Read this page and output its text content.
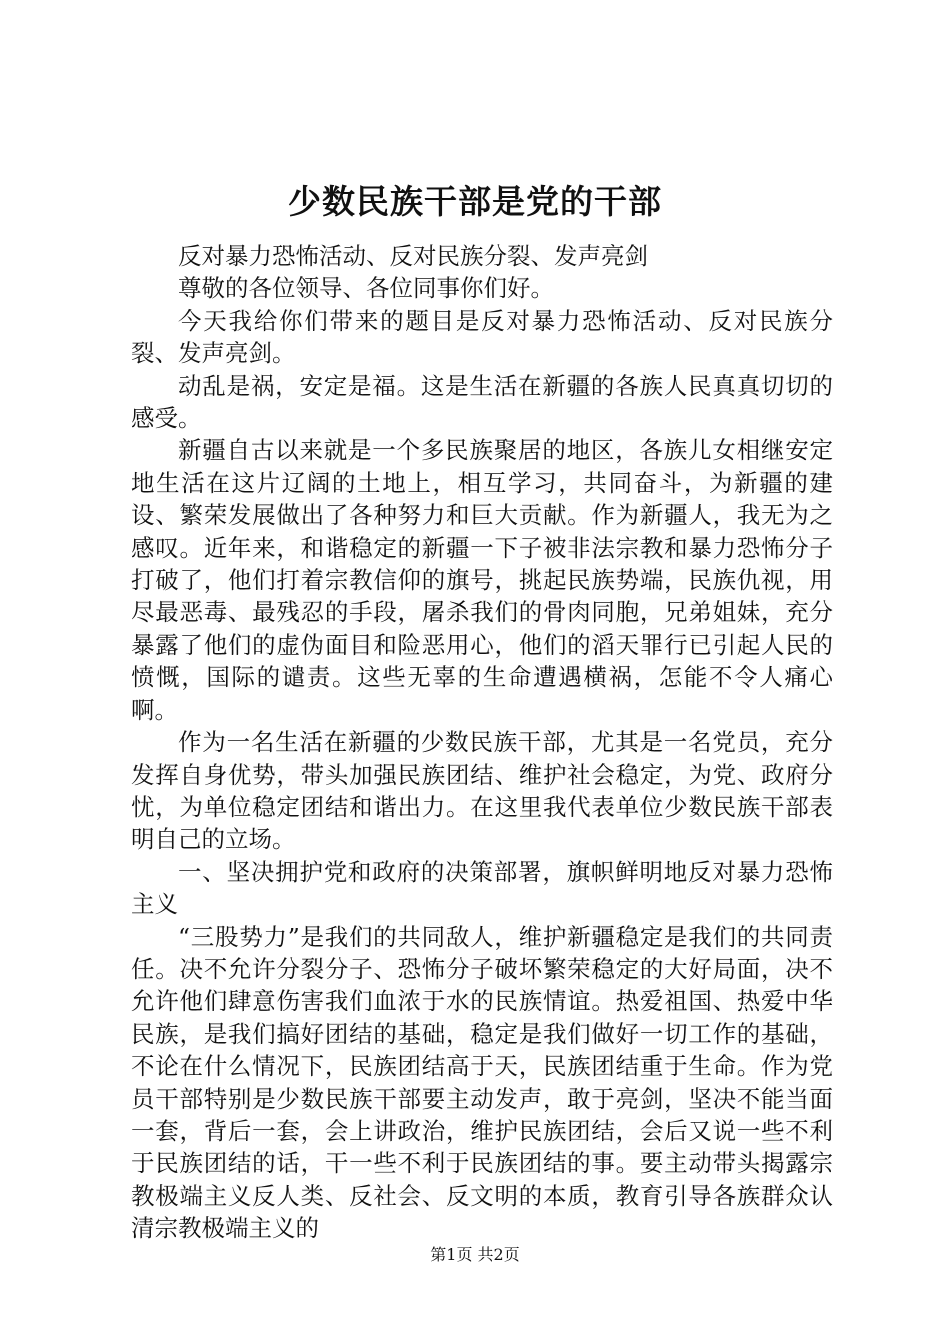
少数民族干部是党的干部

反对暴力恐怖活动、反对民族分裂、发声亮剑

尊敬的各位领导、各位同事你们好。

今天我给你们带来的题目是反对暴力恐怖活动、反对民族分裂、发声亮剑。

动乱是祸，安定是福。这是生活在新疆的各族人民真真切切的感受。

新疆自古以来就是一个多民族聚居的地区，各族儿女相继安定地生活在这片辽阔的土地上，相互学习，共同奋斗，为新疆的建设、繁荣发展做出了各种努力和巨大贡献。作为新疆人，我无为之感叹。近年来，和谐稳定的新疆一下子被非法宗教和暴力恐怖分子打破了，他们打着宗教信仰的旗号，挑起民族势端，民族仇视，用尽最恶毒、最残忍的手段，屠杀我们的骨肉同胞，兄弟姐妹，充分暴露了他们的虚伪面目和险恶用心，他们的滔天罪行已引起人民的愤慨，国际的谴责。这些无辜的生命遭遇横祸，怎能不令人痛心啊。

作为一名生活在新疆的少数民族干部，尤其是一名党员，充分发挥自身优势，带头加强民族团结、维护社会稳定，为党、政府分忧，为单位稳定团结和谐出力。在这里我代表单位少数民族干部表明自己的立场。

一、坚决拥护党和政府的决策部署，旗帜鲜明地反对暴力恐怖主义

“三股势力”是我们的共同敌人，维护新疆稳定是我们的共同责任。决不允许分裂分子、恐怖分子破坏繁荣稳定的大好局面，决不允许他们肆意伤害我们血浓于水的民族情谊。热爱祖国、热爱中华民族，是我们搞好团结的基础，稳定是我们做好一切工作的基础，不论在什么情况下，民族团结高于天，民族团结重于生命。作为党员干部特别是少数民族干部要主动发声，敢于亮剑，坚决不能当面一套，背后一套，会上讲政治，维护民族团结，会后又说一些不利于民族团结的话，干一些不利于民族团结的事。要主动带头揭露宗教极端主义反人类、反社会、反文明的本质，教育引导各族群众认清宗教极端主义的

第1页 共2页
